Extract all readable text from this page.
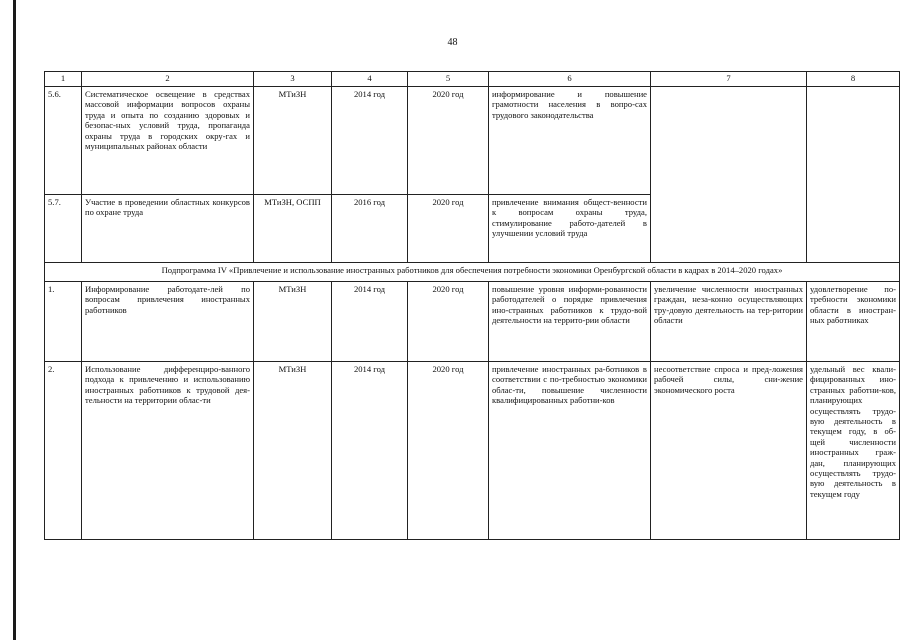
48
1	2	3	4	5	6	7	8
5.6.	Систематическое освещение в средствах массовой информации вопросов охраны труда и опыта по созданию здоровых и безопас-ных условий труда, пропаганда охраны труда в городских окру-гах и муниципальных районах области	МТиЗН	2014 год	2020 год	информирование и повышение грамотности населения в вопро-сах трудового законодательства		
5.7.	Участие в проведении областных конкурсов по охране труда	МТиЗН, ОСПП	2016 год	2020 год	привлечение внимания общест-венности к вопросам охраны труда, стимулирование работо-дателей в улучшении условий труда		
Подпрограмма IV «Привлечение и использование иностранных работников для обеспечения потребности экономики Оренбургской области в кадрах в 2014–2020 годах»							
1.	Информирование работодате-лей по вопросам привлечения иностранных работников	МТиЗН	2014 год	2020 год	повышение уровня информи-рованности работодателей о порядке привлечения ино-странных работников к трудо-вой деятельности на террито-рии области	увеличение численности иностранных граждан, неза-конно осуществляющих тру-довую деятельность на тер-ритории области	удовлетворение по-требности экономики области в иностран-ных работниках
2.	Использование дифференциро-ванного подхода к привлечению и использованию иностранных работников к трудовой дея-тельности на территории облас-ти	МТиЗН	2014 год	2020 год	привлечение иностранных ра-ботников в соответствии с по-требностью экономики облас-ти, повышение численности квалифицированных работни-ков	несоответствие спроса и пред-ложения рабочей силы, сни-жение экономического роста	удельный вес квали-фицированных ино-странных работни-ков, планирующих осуществлять трудо-вую деятельность в текущем году, в об-щей численности иностранных граж-дан, планирующих осуществлять трудо-вую деятельность в текущем году
